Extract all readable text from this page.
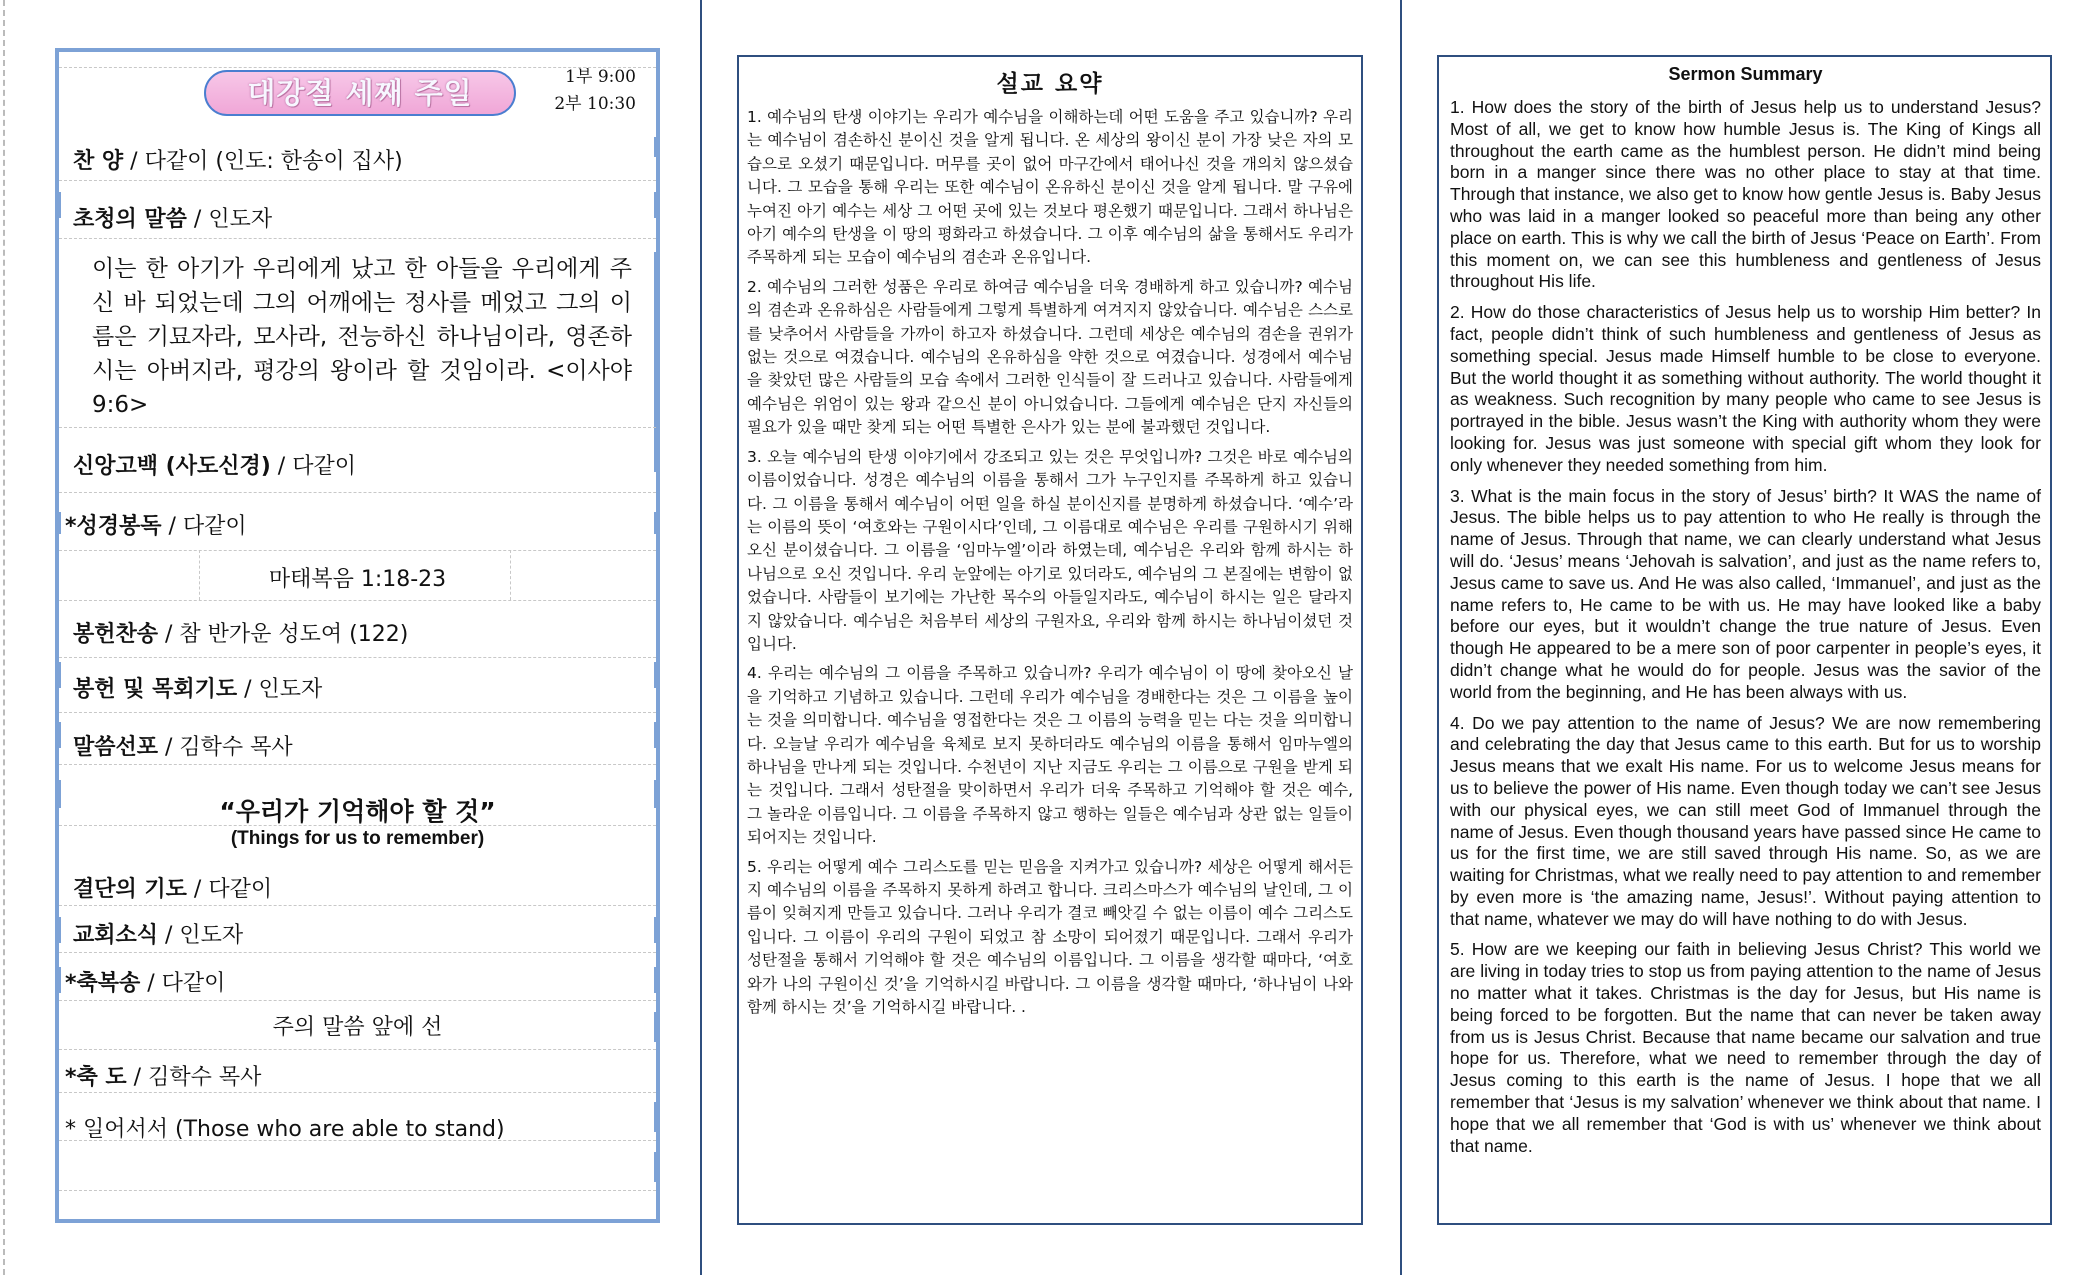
대강절 세째 주일	1부 9:00
2부 10:30
찬 양 / 다같이 (인도: 한송이 집사)
초청의 말씀 / 인도자
이는 한 아기가 우리에게 났고 한 아들을 우리에게 주신 바 되었는데 그의 어깨에는 정사를 메었고 그의 이름은 기묘자라, 모사라, 전능하신 하나님이라, 영존하시는 아버지라, 평강의 왕이라 할 것임이라. <이사야 9:6>
신앙고백 (사도신경) / 다같이
*성경봉독 / 다같이
마태복음 1:18-23
봉헌찬송 / 참 반가운 성도여 (122)
봉헌 및 목회기도 / 인도자
말씀선포 / 김학수 목사
“우리가 기억해야 할 것”
(Things for us to remember)
결단의 기도 / 다같이
교회소식 / 인도자
*축복송 / 다같이
주의 말씀 앞에 선
*축 도 / 김학수 목사
* 일어서서 (Those who are able to stand)
설교 요약

1. 예수님의 탄생 이야기는 우리가 예수님을 이해하는데 어떤 도움을 주고 있습니까? 우리는 예수님이 겸손하신 분이신 것을 알게 됩니다. 온 세상의 왕이신 분이 가장 낮은 자의 모습으로 오셨기 때문입니다. 머무를 곳이 없어 마구간에서 태어나신 것을 개의치 않으셨습니다. 그 모습을 통해 우리는 또한 예수님이 온유하신 분이신 것을 알게 됩니다. 말 구유에 누여진 아기 예수는 세상 그 어떤 곳에 있는 것보다 평온했기 때문입니다. 그래서 하나님은 아기 예수의 탄생을 이 땅의 평화라고 하셨습니다. 그 이후 예수님의 삶을 통해서도 우리가 주목하게 되는 모습이 예수님의 겸손과 온유입니다.

2. 예수님의 그러한 성품은 우리로 하여금 예수님을 더욱 경배하게 하고 있습니까? 예수님의 겸손과 온유하심은 사람들에게 그렇게 특별하게 여겨지지 않았습니다. 예수님은 스스로를 낮추어서 사람들을 가까이 하고자 하셨습니다. 그런데 세상은 예수님의 겸손을 권위가 없는 것으로 여겼습니다. 예수님의 온유하심을 약한 것으로 여겼습니다. 성경에서 예수님을 찾았던 많은 사람들의 모습 속에서 그러한 인식들이 잘 드러나고 있습니다. 사람들에게 예수님은 위엄이 있는 왕과 같으신 분이 아니었습니다. 그들에게 예수님은 단지 자신들의 필요가 있을 때만 찾게 되는 어떤 특별한 은사가 있는 분에 불과했던 것입니다.

3. 오늘 예수님의 탄생 이야기에서 강조되고 있는 것은 무엇입니까? 그것은 바로 예수님의 이름이었습니다. 성경은 예수님의 이름을 통해서 그가 누구인지를 주목하게 하고 있습니다. 그 이름을 통해서 예수님이 어떤 일을 하실 분이신지를 분명하게 하셨습니다. ‘예수’라는 이름의 뜻이 ‘여호와는 구원이시다’인데, 그 이름대로 예수님은 우리를 구원하시기 위해 오신 분이셨습니다. 그 이름을 ‘임마누엘’이라 하였는데, 예수님은 우리와 함께 하시는 하나님으로 오신 것입니다. 우리 눈앞에는 아기로 있더라도, 예수님의 그 본질에는 변함이 없었습니다. 사람들이 보기에는 가난한 목수의 아들일지라도, 예수님이 하시는 일은 달라지지 않았습니다. 예수님은 처음부터 세상의 구원자요, 우리와 함께 하시는 하나님이셨던 것입니다.

4. 우리는 예수님의 그 이름을 주목하고 있습니까? 우리가 예수님이 이 땅에 찾아오신 날을 기억하고 기념하고 있습니다. 그런데 우리가 예수님을 경배한다는 것은 그 이름을 높이는 것을 의미합니다. 예수님을 영접한다는 것은 그 이름의 능력을 믿는 다는 것을 의미합니다. 오늘날 우리가 예수님을 육체로 보지 못하더라도 예수님의 이름을 통해서 임마누엘의 하나님을 만나게 되는 것입니다. 수천년이 지난 지금도 우리는 그 이름으로 구원을 받게 되는 것입니다. 그래서 성탄절을 맞이하면서 우리가 더욱 주목하고 기억해야 할 것은 예수, 그 놀라운 이름입니다. 그 이름을 주목하지 않고 행하는 일들은 예수님과 상관 없는 일들이 되어지는 것입니다.

5. 우리는 어떻게 예수 그리스도를 믿는 믿음을 지켜가고 있습니까? 세상은 어떻게 해서든지 예수님의 이름을 주목하지 못하게 하려고 합니다. 크리스마스가 예수님의 날인데, 그 이름이 잊혀지게 만들고 있습니다. 그러나 우리가 결코 빼앗길 수 없는 이름이 예수 그리스도입니다. 그 이름이 우리의 구원이 되었고 참 소망이 되어졌기 때문입니다. 그래서 우리가 성탄절을 통해서 기억해야 할 것은 예수님의 이름입니다. 그 이름을 생각할 때마다, ‘여호와가 나의 구원이신 것’을 기억하시길 바랍니다. 그 이름을 생각할 때마다, ‘하나님이 나와 함께 하시는 것’을 기억하시길 바랍니다. .

Sermon Summary

1. How does the story of the birth of Jesus help us to understand Jesus? Most of all, we get to know how humble Jesus is. The King of Kings all throughout the earth came as the humblest person. He didn’t mind being born in a manger since there was no other place to stay at that time. Through that instance, we also get to know how gentle Jesus is. Baby Jesus who was laid in a manger looked so peaceful more than being any other place on earth. This is why we call the birth of Jesus ‘Peace on Earth’. From this moment on, we can see this humbleness and gentleness of Jesus throughout His life.

2. How do those characteristics of Jesus help us to worship Him better? In fact, people didn’t think of such humbleness and gentleness of Jesus as something special. Jesus made Himself humble to be close to everyone. But the world thought it as something without authority. The world thought it as weakness. Such recognition by many people who came to see Jesus is portrayed in the bible. Jesus wasn’t the King with authority whom they were looking for. Jesus was just someone with special gift whom they look for only whenever they needed something from him.

3. What is the main focus in the story of Jesus’ birth? It WAS the name of Jesus. The bible helps us to pay attention to who He really is through the name of Jesus. Through that name, we can clearly understand what Jesus will do. ‘Jesus’ means ‘Jehovah is salvation’, and just as the name refers to, Jesus came to save us. And He was also called, ‘Immanuel’, and just as the name refers to, He came to be with us. He may have looked like a baby before our eyes, but it wouldn’t change the true nature of Jesus. Even though He appeared to be a mere son of poor carpenter in people’s eyes, it didn’t change what he would do for people. Jesus was the savior of the world from the beginning, and He has been always with us.

4. Do we pay attention to the name of Jesus? We are now remembering and celebrating the day that Jesus came to this earth. But for us to worship Jesus means that we exalt His name. For us to welcome Jesus means for us to believe the power of His name. Even though today we can’t see Jesus with our physical eyes, we can still meet God of Immanuel through the name of Jesus. Even though thousand years have passed since He came to us for the first time, we are still saved through His name. So, as we are waiting for Christmas, what we really need to pay attention to and remember by even more is ‘the amazing name, Jesus!’. Without paying attention to that name, whatever we may do will have nothing to do with Jesus.

5. How are we keeping our faith in believing Jesus Christ? This world we are living in today tries to stop us from paying attention to the name of Jesus no matter what it takes. Christmas is the day for Jesus, but His name is being forced to be forgotten. But the name that can never be taken away from us is Jesus Christ. Because that name became our salvation and true hope for us. Therefore, what we need to remember through the day of Jesus coming to this earth is the name of Jesus. I hope that we all remember that ‘Jesus is my salvation’ whenever we think about that name. I hope that we all remember that ‘God is with us’ whenever we think about that name.
